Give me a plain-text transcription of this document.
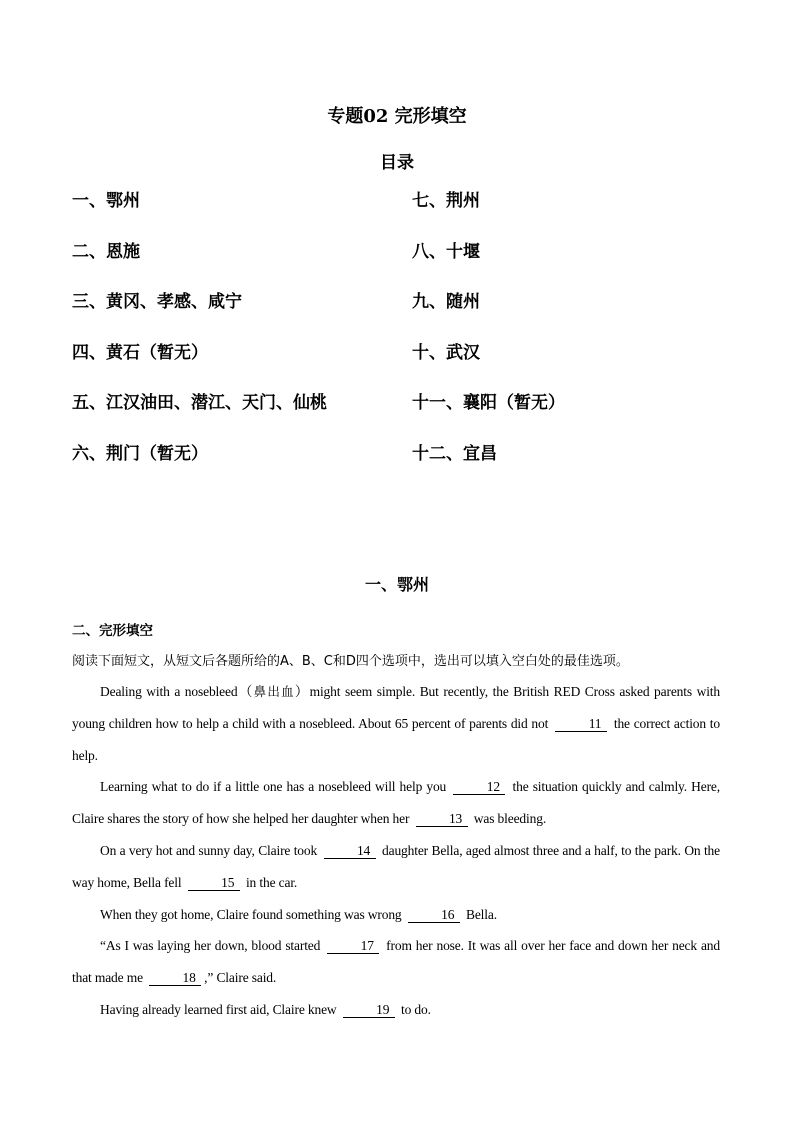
专题02 完形填空
目录
一、鄂州	七、荆州
二、恩施	八、十堰
三、黄冈、孝感、咸宁	九、随州
四、黄石（暂无）	十、武汉
五、江汉油田、潜江、天门、仙桃	十一、襄阳（暂无）
六、荆门（暂无）	十二、宜昌
一、鄂州
二、完形填空
阅读下面短文，从短文后各题所给的A、B、C和D四个选项中，选出可以填入空白处的最佳选项。

Dealing with a nosebleed（鼻出血）might seem simple. But recently, the British RED Cross asked parents with young children how to help a child with a nosebleed. About 65 percent of parents did not	11 the correct action to help.

Learning what to do if a little one has a nosebleed will help you	12 the situation quickly and calmly. Here, Claire shares the story of how she helped her daughter when her	13 was bleeding.

On a very hot and sunny day, Claire took	14 daughter Bella, aged almost three and a half, to the park. On the way home, Bella fell	15 in the car.

When they got home, Claire found something was wrong	16 Bella.

“As I was laying her down, blood started	17 from her nose. It was all over her face and down her neck and that made me	18 ,” Claire said.

Having already learned first aid, Claire knew	19 to do.
